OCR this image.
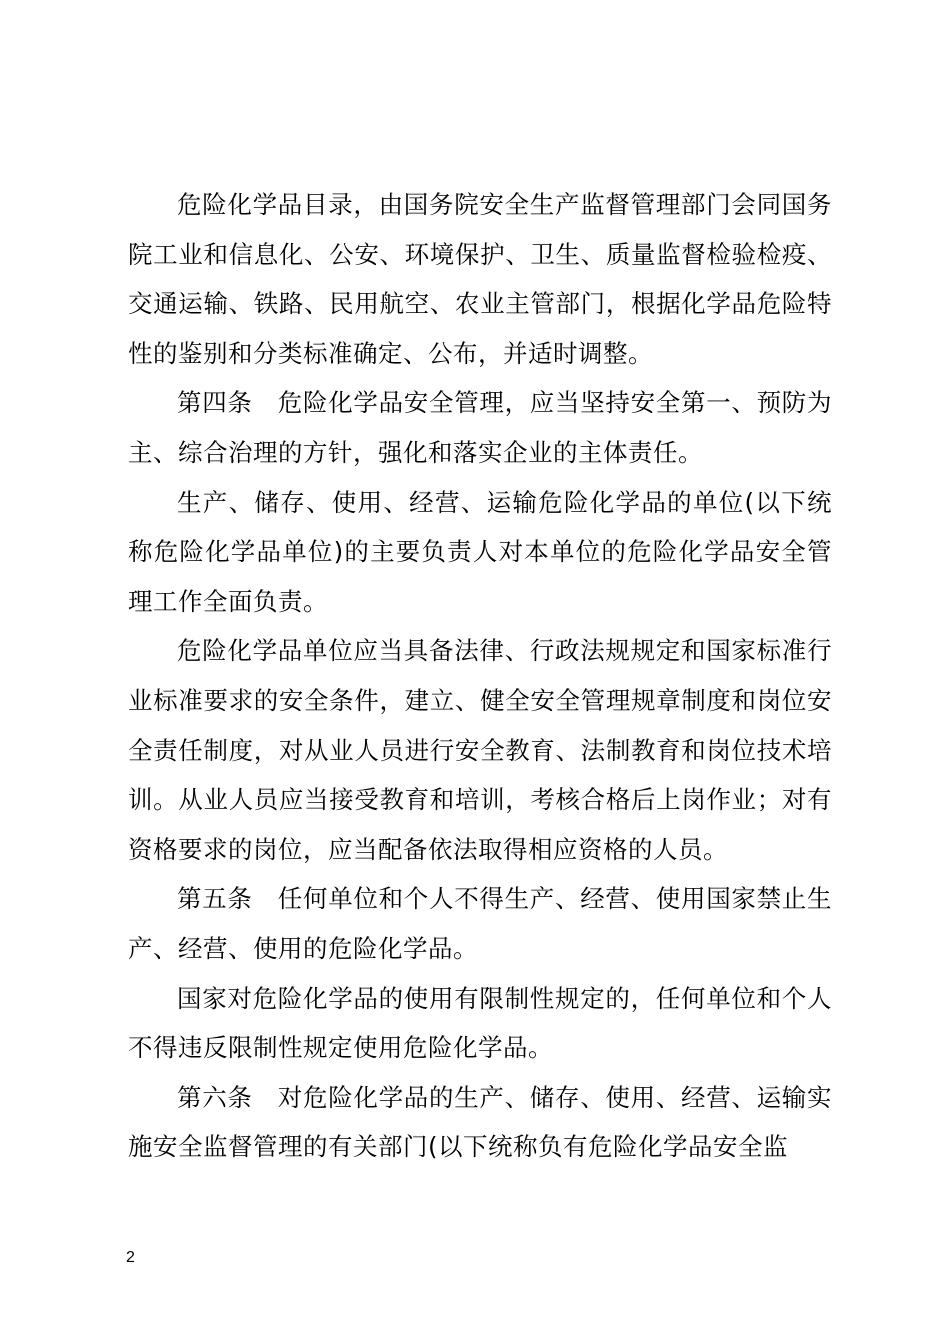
危险化学品目录，由国务院安全生产监督管理部门会同国务院工业和信息化、公安、环境保护、卫生、质量监督检验检疫、交通运输、铁路、民用航空、农业主管部门，根据化学品危险特性的鉴别和分类标准确定、公布，并适时调整。

第四条　危险化学品安全管理，应当坚持安全第一、预防为主、综合治理的方针，强化和落实企业的主体责任。

生产、储存、使用、经营、运输危险化学品的单位(以下统称危险化学品单位)的主要负责人对本单位的危险化学品安全管理工作全面负责。

危险化学品单位应当具备法律、行政法规规定和国家标准行业标准要求的安全条件，建立、健全安全管理规章制度和岗位安全责任制度，对从业人员进行安全教育、法制教育和岗位技术培训。从业人员应当接受教育和培训，考核合格后上岗作业；对有资格要求的岗位，应当配备依法取得相应资格的人员。

第五条　任何单位和个人不得生产、经营、使用国家禁止生产、经营、使用的危险化学品。

国家对危险化学品的使用有限制性规定的，任何单位和个人不得违反限制性规定使用危险化学品。

第六条　对危险化学品的生产、储存、使用、经营、运输实施安全监督管理的有关部门(以下统称负有危险化学品安全监

2
